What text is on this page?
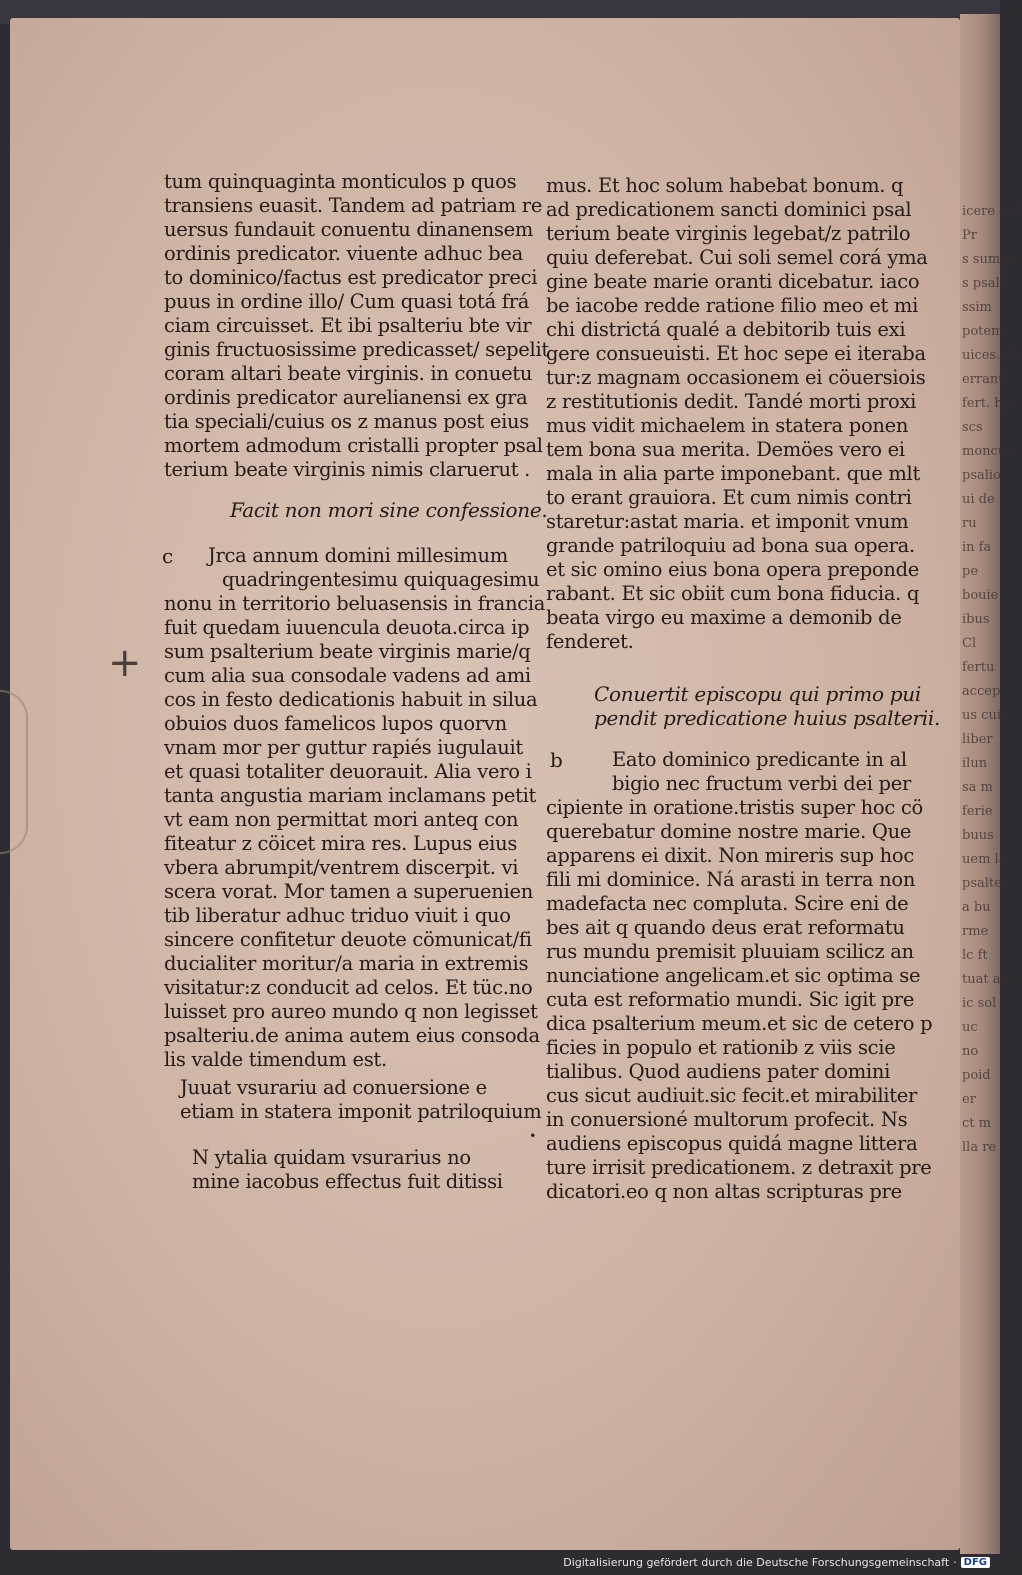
tum quinquaginta monticulos p quos
transiens euasit. Tandem ad patriam re
uersus fundauit conuentu dinanensem
ordinis predicator. viuente adhuc bea
to dominico/factus est predicator preci
puus in ordine illo/ Cum quasi totá frá
ciam circuisset. Et ibi psalteriu bte vir
ginis fructuosissime predicasset/ sepelit
coram altari beate virginis. in conuetu
ordinis predicator aurelianensi ex gra
tia speciali/cuius os z manus post eius
mortem admodum cristalli propter psal
terium beate virginis nimis claruerut .
Facit non mori sine confessione.
c	Jrca annum domini millesimum
quadringentesimu quiquagesimu
nonu in territorio beluasensis in francia
fuit quedam iuuencula deuota.circa ip
sum psalterium beate virginis marie/q
cum alia sua consodale vadens ad ami
cos in festo dedicationis habuit in silua
obuios duos famelicos lupos quorvn
vnam mor per guttur rapiés iugulauit
et quasi totaliter deuorauit. Alia vero i
tanta angustia mariam inclamans petit
vt eam non permittat mori anteq con
fiteatur z cöicet mira res. Lupus eius
vbera abrumpit/ventrem discerpit. vi
scera vorat. Mor tamen a superuenien
tib liberatur adhuc triduo viuit i quo
sincere confitetur deuote cömunicat/fi
ducialiter moritur/a maria in extremis
visitatur:z conducit ad celos. Et tüc.no
luisset pro aureo mundo q non legisset
psalteriu.de anima autem eius consoda
lis valde timendum est.
Juuat vsurariu ad conuersione e
etiam in statera imponit patriloquium
•
N ytalia quidam vsurarius no
mine iacobus effectus fuit ditissi
+
mus. Et hoc solum habebat bonum. q
ad predicationem sancti dominici psal
terium beate virginis legebat/z patrilo
quiu deferebat. Cui soli semel corá yma
gine beate marie oranti dicebatur. iaco
be iacobe redde ratione filio meo et mi
chi districtá qualé a debitorib tuis exi
gere consueuisti. Et hoc sepe ei iteraba
tur:z magnam occasionem ei cöuersiois
z restitutionis dedit. Tandé morti proxi
mus vidit michaelem in statera ponen
tem bona sua merita. Demöes vero ei
mala in alia parte imponebant. que mlt
to erant grauiora. Et cum nimis contri
staretur:astat maria. et imponit vnum
grande patriloquiu ad bona sua opera.
et sic omino eius bona opera preponde
rabant. Et sic obiit cum bona fiducia. q
beata virgo eu maxime a demonib de
fenderet.
Conuertit episcopu qui primo pui
pendit predicatione huius psalterii.
b	Eato dominico predicante in al
bigio nec fructum verbi dei per
cipiente in oratione.tristis super hoc cö
querebatur domine nostre marie. Que
apparens ei dixit. Non mireris sup hoc
fili mi dominice. Ná arasti in terra non
madefacta nec compluta. Scire eni de
bes ait q quando deus erat reformatu
rus mundu premisit pluuiam scilicz an
nunciatione angelicam.et sic optima se
cuta est reformatio mundi. Sic igit pre
dica psalterium meum.et sic de cetero p
ficies in populo et rationib z viis scie
tialibus. Quod audiens pater domini
cus sicut audiuit.sic fecit.et mirabiliter
in conuersioné multorum profecit. Ns
audiens episcopus quidá magne littera
ture irrisit predicationem. z detraxit pre
dicatori.eo q non altas scripturas pre
icere sed
Pr
s sum p
s psalt
ssim
potem
uices. et
errant.
fert. hy
scs
moncus
psalio
ui de
ru
in fa
pe
bouie
ibus
Cl
fertu
accep
us cui
liber
ilun
sa m
ferie
buus
uem la
psalter
a bu
rme
lc ft
tuat an
ic sol
uc
no
poid
er
ct m
lla re
Digitalisierung gefördert durch die Deutsche Forschungsgemeinschaft · DFG
